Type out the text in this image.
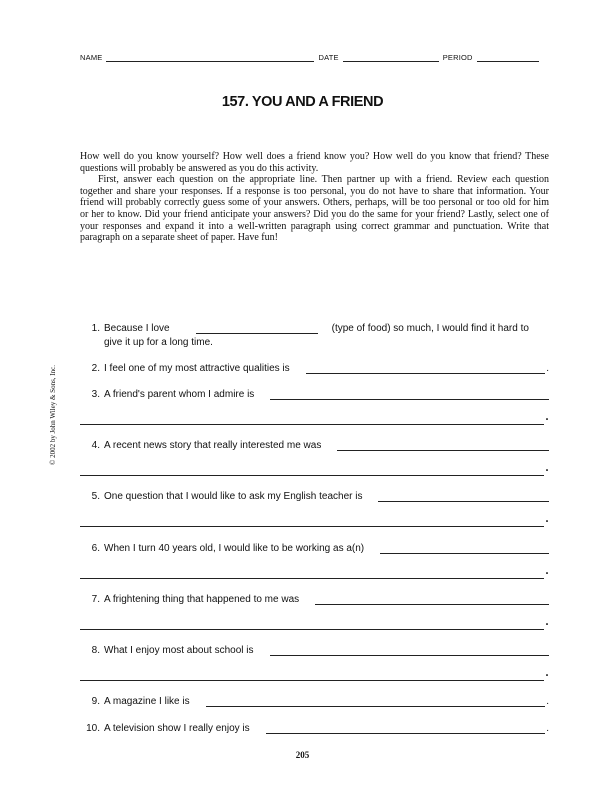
NAME	DATE	PERIOD
157. YOU AND A FRIEND

How well do you know yourself? How well does a friend know you? How well do you know that friend? These questions will probably be answered as you do this activity.

First, answer each question on the appropriate line. Then partner up with a friend. Review each question together and share your responses. If a response is too personal, you do not have to share that information. Your friend will probably correctly guess some of your answers. Others, perhaps, will be too personal or too old for him or her to know. Did your friend anticipate your answers? Did you do the same for your friend? Lastly, select one of your responses and expand it into a well-written paragraph using correct grammar and punctuation. Write that paragraph on a separate sheet of paper. Have fun!

© 2002 by John Wiley & Sons, Inc.
1. Because I love	(type of food) so much, I would find it hard to
give it up for a long time.
2. I feel one of my most attractive qualities is	.
3. A friend's parent whom I admire is
.
4. A recent news story that really interested me was
.
5. One question that I would like to ask my English teacher is
.
6. When I turn 40 years old, I would like to be working as a(n)
.
7. A frightening thing that happened to me was
.
8. What I enjoy most about school is
.
9. A magazine I like is	.
10. A television show I really enjoy is	.
205
